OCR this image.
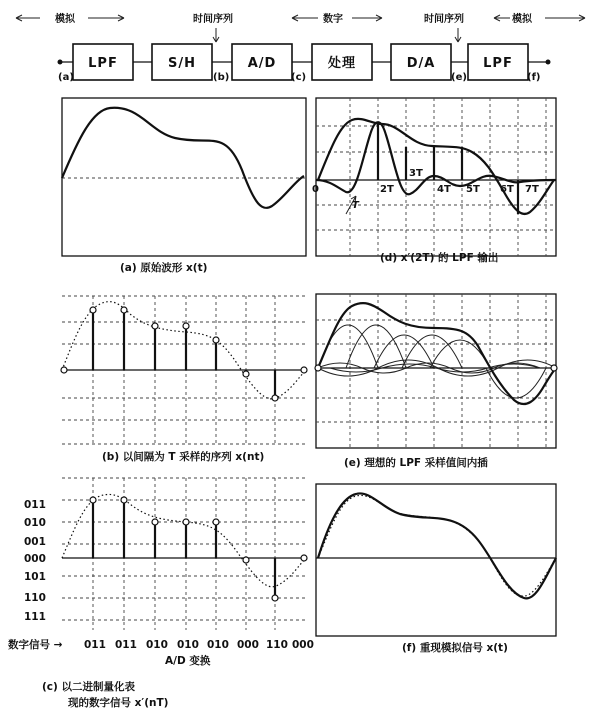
模拟	时间序列	数字	时间序列	模拟
LPF	S/H	A/D	处理	D/A	LPF
(a)	(b)	(c)	(e)	(f)
(a) 原始波形 x(t)
0
T
2T
3T
4T 5T 6T 7T
(d) x′(2T) 的 LPF 输出
(b) 以间隔为 T 采样的序列 x(nt)	(e) 理想的 LPF 采样值间内插
011
010
001
000
101
110
111
数字信号 → 011 011 010 010 010 000 110 000
A/D 变换
(c) 以二进制量化表
现的数字信号 x′(nT)
(f) 重现模拟信号 x(t)
